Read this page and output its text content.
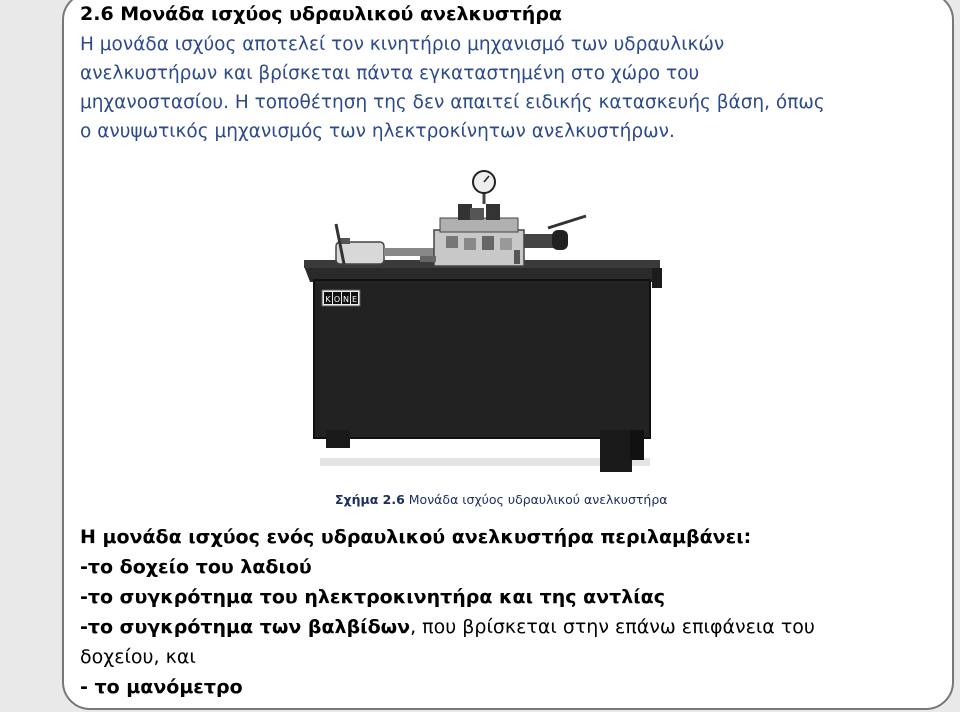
2.6 Μονάδα ισχύος υδραυλικού ανελκυστήρα
Η μονάδα ισχύος αποτελεί τον κινητήριο μηχανισμό των υδραυλικών
ανελκυστήρων και βρίσκεται πάντα εγκαταστημένη στο χώρο του
μηχανοστασίου. Η τοποθέτηση της δεν απαιτεί ειδικής κατασκευής βάση, όπως
ο ανυψωτικός μηχανισμός των ηλεκτροκίνητων ανελκυστήρων.
K O N E
Σχήμα 2.6 Μονάδα ισχύος υδραυλικού ανελκυστήρα
Η μονάδα ισχύος ενός υδραυλικού ανελκυστήρα περιλαμβάνει:
-το δοχείο του λαδιού
-το συγκρότημα του ηλεκτροκινητήρα και της αντλίας
-το συγκρότημα των βαλβίδων, που βρίσκεται στην επάνω επιφάνεια του
δοχείου, και
- το μανόμετρο
